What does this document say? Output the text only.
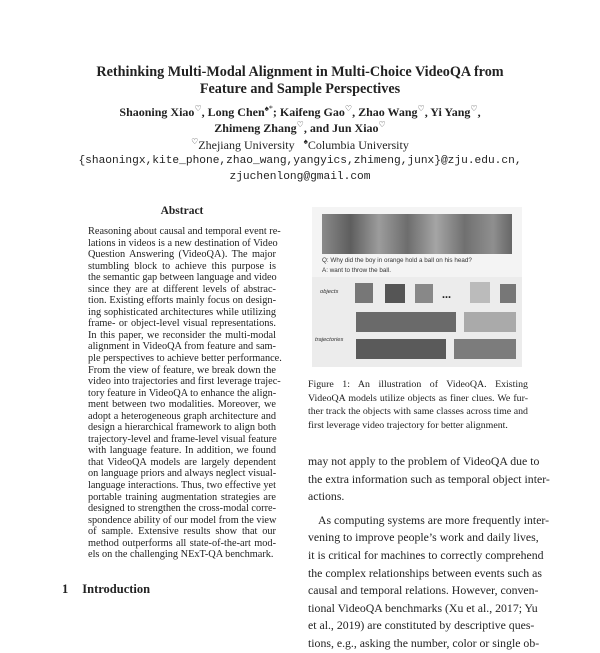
Rethinking Multi-Modal Alignment in Multi-Choice VideoQA from
Feature and Sample Perspectives
Shaoning Xiao♡, Long Chen♠*; Kaifeng Gao♡, Zhao Wang♡, Yi Yang♡,
Zhimeng Zhang♡, and Jun Xiao♡
♡Zhejiang University ♠Columbia University
{shaoningx,kite_phone,zhao_wang,yangyics,zhimeng,junx}@zju.edu.cn,
zjuchenlong@gmail.com
Abstract
Reasoning about causal and temporal event re-
lations in videos is a new destination of Video
Question Answering (VideoQA). The major
stumbling block to achieve this purpose is
the semantic gap between language and video
since they are at different levels of abstrac-
tion. Existing efforts mainly focus on design-
ing sophisticated architectures while utilizing
frame- or object-level visual representations.
In this paper, we reconsider the multi-modal
alignment in VideoQA from feature and sam-
ple perspectives to achieve better performance.
From the view of feature, we break down the
video into trajectories and first leverage trajec-
tory feature in VideoQA to enhance the align-
ment between two modalities. Moreover, we
adopt a heterogeneous graph architecture and
design a hierarchical framework to align both
trajectory-level and frame-level visual feature
with language feature. In addition, we found
that VideoQA models are largely dependent
on language priors and always neglect visual-
language interactions. Thus, two effective yet
portable training augmentation strategies are
designed to strengthen the cross-modal corre-
spondence ability of our model from the view
of sample. Extensive results show that our
method outperforms all state-of-the-art mod-
els on the challenging NExT-QA benchmark.
1 Introduction
Q: Why did the boy in orange hold a ball on his head?
A: want to throw the ball.
objects	...
trajectories
Figure 1: An illustration of VideoQA. Existing
VideoQA models utilize objects as finer clues. We fur-
ther track the objects with same classes across time and
first leverage video trajectory for better alignment.
may not apply to the problem of VideoQA due to
the extra information such as temporal object inter-
actions.
As computing systems are more frequently inter-
vening to improve people’s work and daily lives,
it is critical for machines to correctly comprehend
the complex relationships between events such as
causal and temporal relations. However, conven-
tional VideoQA benchmarks (Xu et al., 2017; Yu
et al., 2019) are constituted by descriptive ques-
tions, e.g., asking the number, color or single ob-
